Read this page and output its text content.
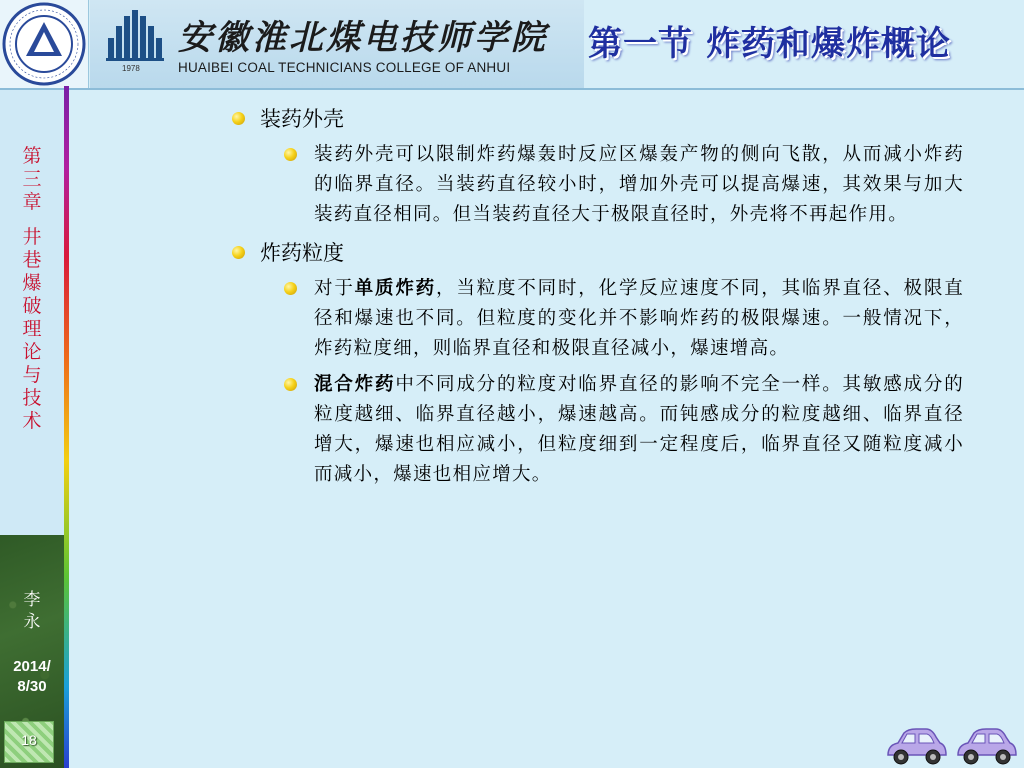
1978
安徽淮北煤电技师学院
HUAIBEI COAL TECHNICIANS COLLEGE OF ANHUI
第一节 炸药和爆炸概论
第
三
章
井
巷
爆
破
理
论
与
技
术
李
永
2014/
8/30
18
装药外壳
装药外壳可以限制炸药爆轰时反应区爆轰产物的侧向飞散，从而减小炸药的临界直径。当装药直径较小时，增加外壳可以提高爆速，其效果与加大装药直径相同。但当装药直径大于极限直径时，外壳将不再起作用。
炸药粒度
对于单质炸药，当粒度不同时，化学反应速度不同，其临界直径、极限直径和爆速也不同。但粒度的变化并不影响炸药的极限爆速。一般情况下，炸药粒度细，则临界直径和极限直径减小，爆速增高。
混合炸药中不同成分的粒度对临界直径的影响不完全一样。其敏感成分的粒度越细、临界直径越小，爆速越高。而钝感成分的粒度越细、临界直径增大，爆速也相应减小，但粒度细到一定程度后，临界直径又随粒度减小而减小，爆速也相应增大。
